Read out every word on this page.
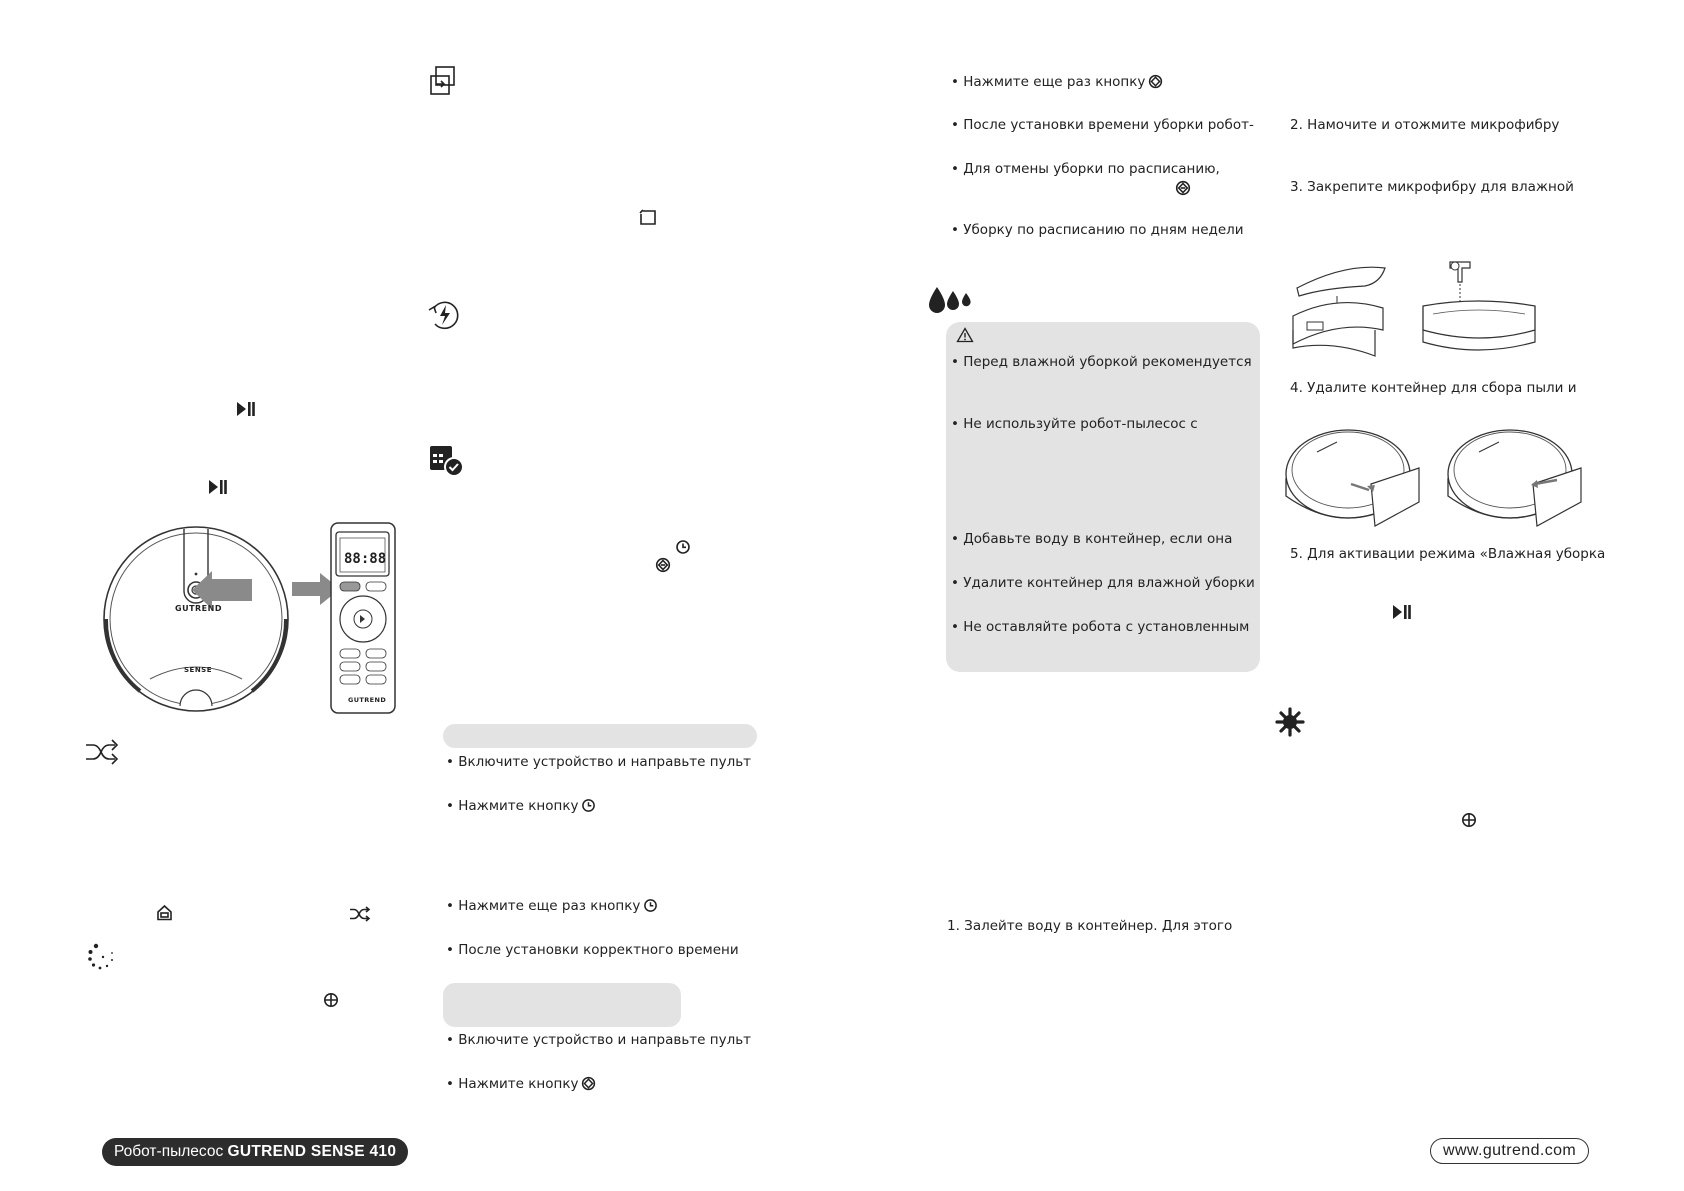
GUTREND
SENSE
88:88
GUTREND
• Включите устройство и направьте пульт
• Нажмите кнопку
• Нажмите еще раз кнопку
• После установки корректного времени
• Включите устройство и направьте пульт
• Нажмите кнопку
• Нажмите еще раз кнопку
• После установки времени уборки робот-
• Для отмены уборки по расписанию,
• Уборку по расписанию по дням недели
• Перед влажной уборкой рекомендуется
• Не используйте робот-пылесос с
• Добавьте воду в контейнер, если она
• Удалите контейнер для влажной уборки
• Не оставляйте робота с установленным
1. Залейте воду в контейнер. Для этого
2. Намочите и отожмите микрофибру
3. Закрепите микрофибру для влажной
4. Удалите контейнер для сбора пыли и
5. Для активации режима «Влажная уборка
Робот-пылесос GUTREND SENSE 410	www.gutrend.com
